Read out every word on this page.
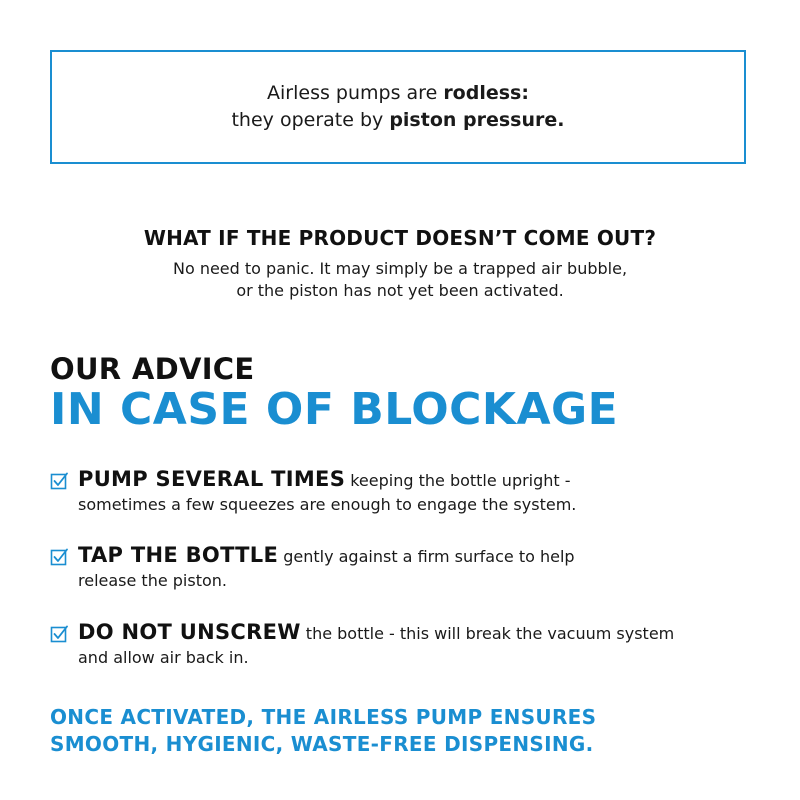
Airless pumps are rodless:
they operate by piston pressure.
WHAT IF THE PRODUCT DOESN’T COME OUT?
No need to panic. It may simply be a trapped air bubble,
or the piston has not yet been activated.
OUR ADVICE
IN CASE OF BLOCKAGE
PUMP SEVERAL TIMES keeping the bottle upright -
sometimes a few squeezes are enough to engage the system.
TAP THE BOTTLE gently against a firm surface to help
release the piston.
DO NOT UNSCREW the bottle - this will break the vacuum system
and allow air back in.
ONCE ACTIVATED, THE AIRLESS PUMP ENSURES
SMOOTH, HYGIENIC, WASTE-FREE DISPENSING.
